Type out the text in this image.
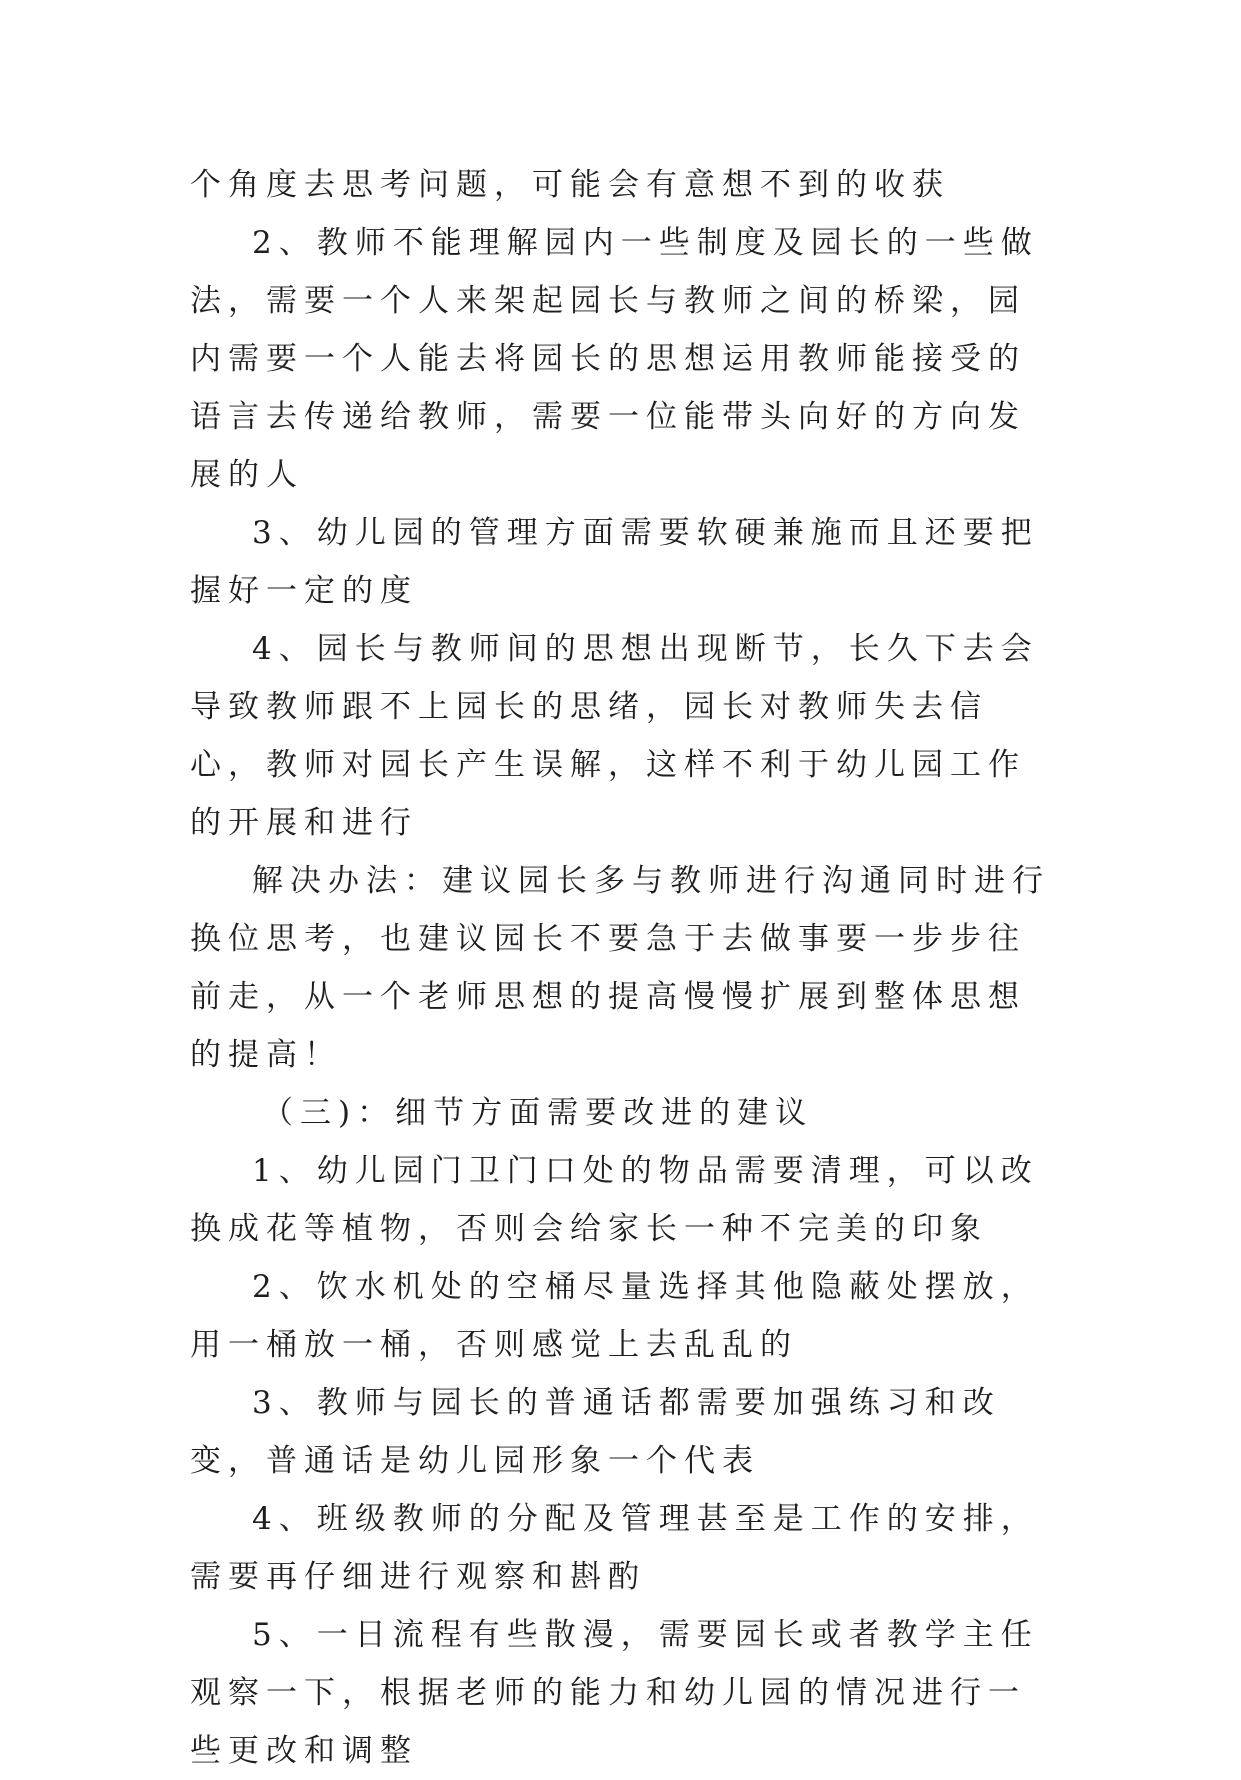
个角度去思考问题，可能会有意想不到的收获

2、教师不能理解园内一些制度及园长的一些做法，需要一个人来架起园长与教师之间的桥梁，园内需要一个人能去将园长的思想运用教师能接受的语言去传递给教师，需要一位能带头向好的方向发展的人

3、幼儿园的管理方面需要软硬兼施而且还要把握好一定的度

4、园长与教师间的思想出现断节，长久下去会导致教师跟不上园长的思绪，园长对教师失去信心，教师对园长产生误解，这样不利于幼儿园工作的开展和进行

解决办法：建议园长多与教师进行沟通同时进行换位思考，也建议园长不要急于去做事要一步步往前走，从一个老师思想的提高慢慢扩展到整体思想的提高！

（三)：细节方面需要改进的建议

1、幼儿园门卫门口处的物品需要清理，可以改换成花等植物，否则会给家长一种不完美的印象

2、饮水机处的空桶尽量选择其他隐蔽处摆放，用一桶放一桶，否则感觉上去乱乱的

3、教师与园长的普通话都需要加强练习和改变，普通话是幼儿园形象一个代表

4、班级教师的分配及管理甚至是工作的安排，需要再仔细进行观察和斟酌

5、一日流程有些散漫，需要园长或者教学主任观察一下，根据老师的能力和幼儿园的情况进行一些更改和调整
